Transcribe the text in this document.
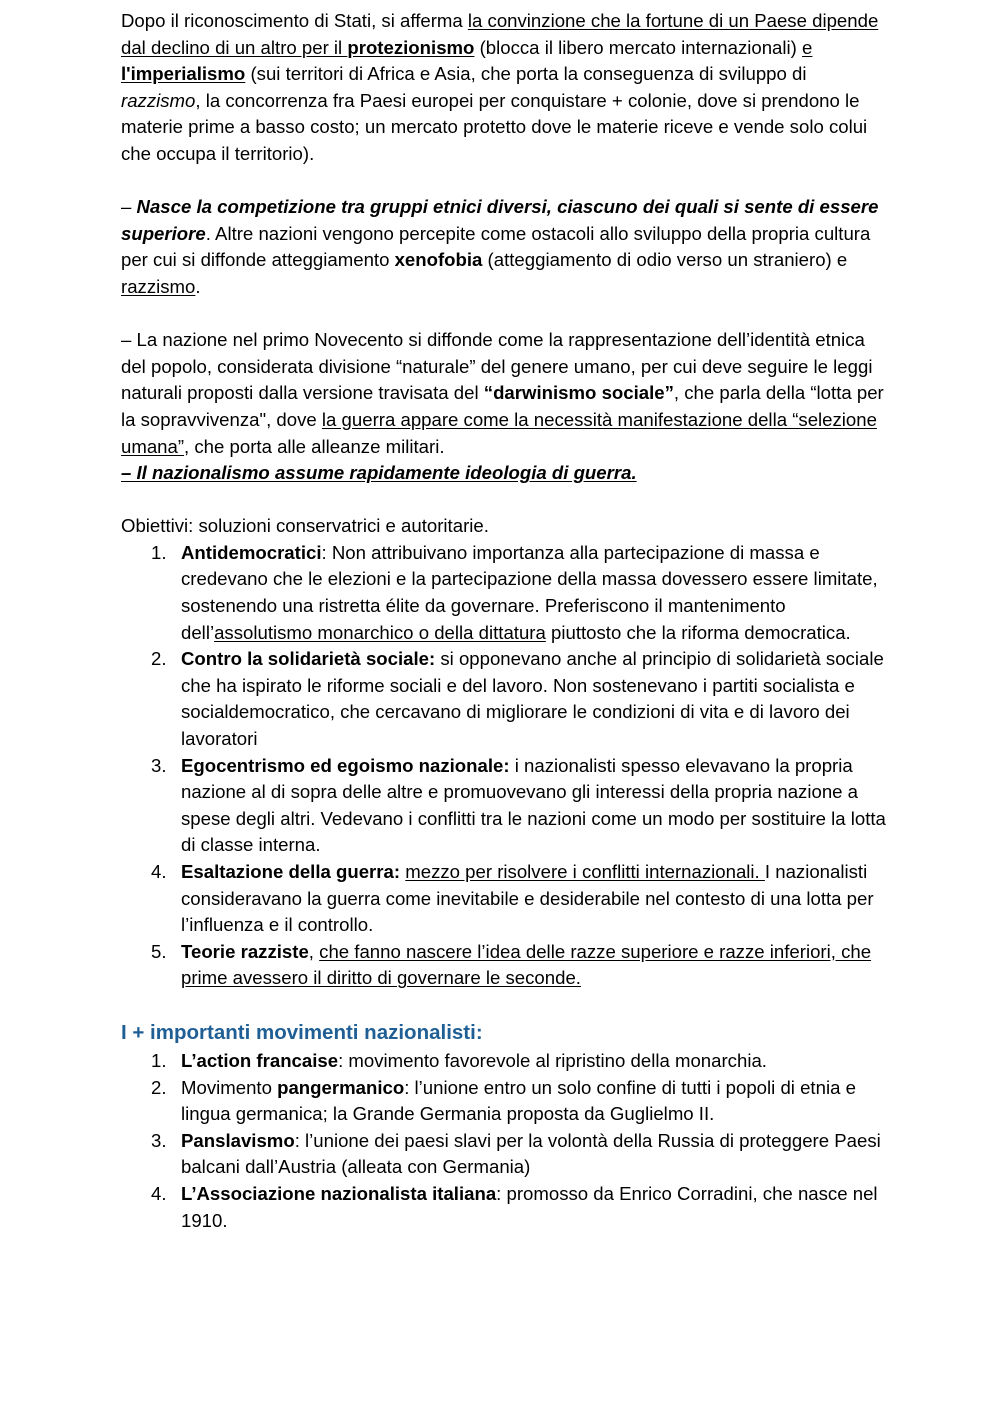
Dopo il riconoscimento di Stati, si afferma la convinzione che la fortune di un Paese dipende dal declino di un altro per il protezionismo (blocca il libero mercato internazionali) e l'imperialismo (sui territori di Africa e Asia, che porta la conseguenza di sviluppo di razzismo, la concorrenza fra Paesi europei per conquistare + colonie, dove si prendono le materie prime a basso costo; un mercato protetto dove le materie riceve e vende solo colui che occupa il territorio).

– Nasce la competizione tra gruppi etnici diversi, ciascuno dei quali si sente di essere superiore. Altre nazioni vengono percepite come ostacoli allo sviluppo della propria cultura per cui si diffonde atteggiamento xenofobia (atteggiamento di odio verso un straniero) e razzismo.

– La nazione nel primo Novecento si diffonde come la rappresentazione dell’identità etnica del popolo, considerata divisione “naturale” del genere umano, per cui deve seguire le leggi naturali proposti dalla versione travisata del “darwinismo sociale”, che parla della “lotta per la sopravvivenza", dove la guerra appare come la necessità manifestazione della “selezione umana”, che porta alle alleanze militari.

– Il nazionalismo assume rapidamente ideologia di guerra.

Obiettivi: soluzioni conservatrici e autoritarie.

1. Antidemocratici: Non attribuivano importanza alla partecipazione di massa e credevano che le elezioni e la partecipazione della massa dovessero essere limitate, sostenendo una ristretta élite da governare. Preferiscono il mantenimento dell’assolutismo monarchico o della dittatura piuttosto che la riforma democratica.
2. Contro la solidarietà sociale: si opponevano anche al principio di solidarietà sociale che ha ispirato le riforme sociali e del lavoro. Non sostenevano i partiti socialista e socialdemocratico, che cercavano di migliorare le condizioni di vita e di lavoro dei lavoratori
3. Egocentrismo ed egoismo nazionale: i nazionalisti spesso elevavano la propria nazione al di sopra delle altre e promuovevano gli interessi della propria nazione a spese degli altri. Vedevano i conflitti tra le nazioni come un modo per sostituire la lotta di classe interna.
4. Esaltazione della guerra: mezzo per risolvere i conflitti internazionali. I nazionalisti consideravano la guerra come inevitabile e desiderabile nel contesto di una lotta per l’influenza e il controllo.
5. Teorie razziste, che fanno nascere l’idea delle razze superiore e razze inferiori, che prime avessero il diritto di governare le seconde.
I + importanti movimenti nazionalisti:
1. L’action francaise: movimento favorevole al ripristino della monarchia.
2. Movimento pangermanico: l’unione entro un solo confine di tutti i popoli di etnia e lingua germanica; la Grande Germania proposta da Guglielmo II.
3. Panslavismo: l’unione dei paesi slavi per la volontà della Russia di proteggere Paesi balcani dall’Austria (alleata con Germania)
4. L’Associazione nazionalista italiana: promosso da Enrico Corradini, che nasce nel 1910.
